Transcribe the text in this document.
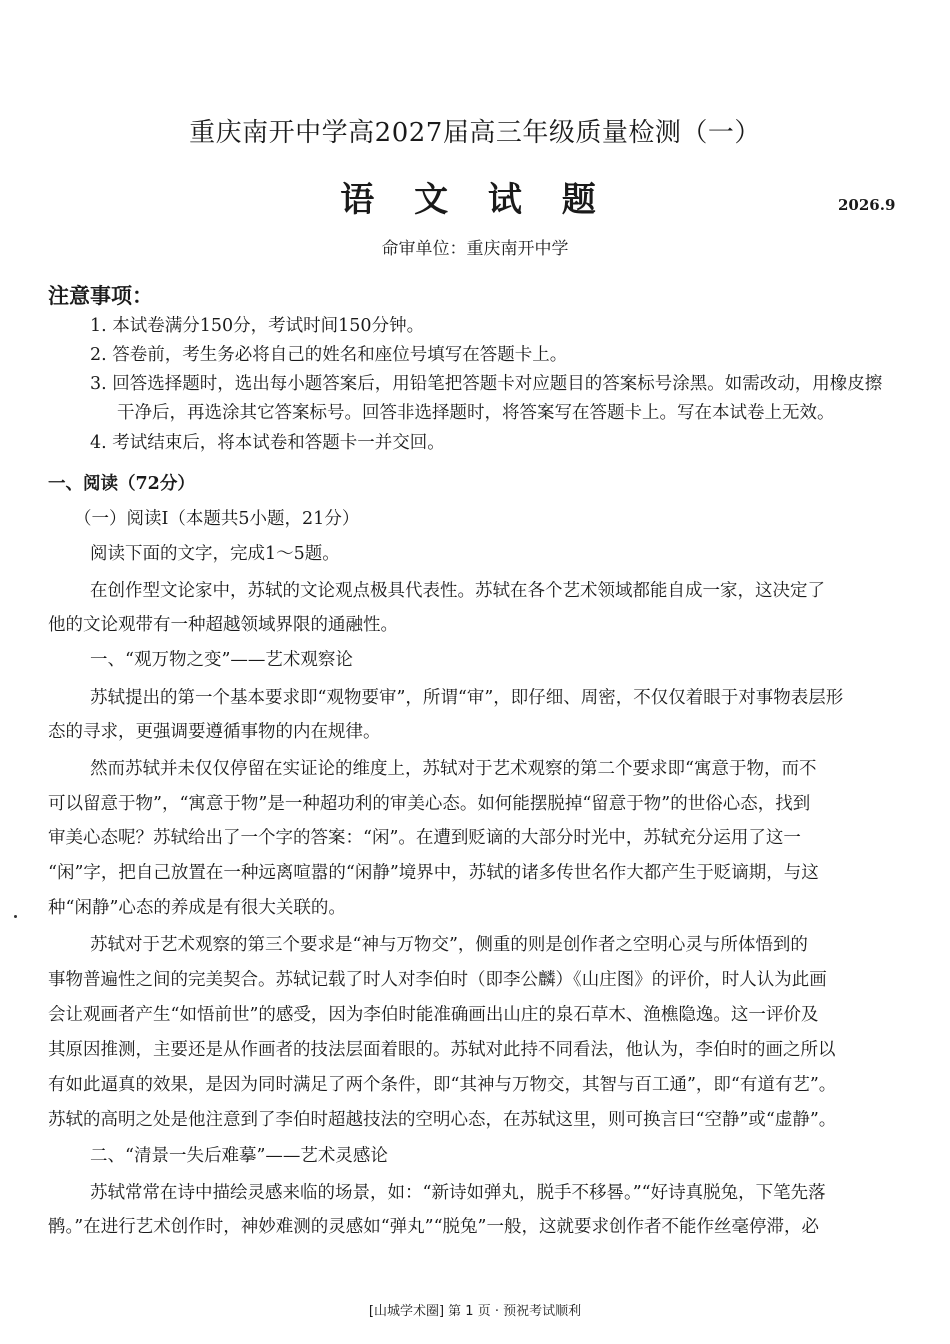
重庆南开中学高2027届高三年级质量检测（一）
语 文 试 题	2026.9
命审单位：重庆南开中学
注意事项：
1. 本试卷满分150分，考试时间150分钟。
2. 答卷前，考生务必将自己的姓名和座位号填写在答题卡上。
3. 回答选择题时，选出每小题答案后，用铅笔把答题卡对应题目的答案标号涂黑。如需改动，用橡皮擦
干净后，再选涂其它答案标号。回答非选择题时，将答案写在答题卡上。写在本试卷上无效。
4. 考试结束后，将本试卷和答题卡一并交回。
一、阅读（72分）
（一）阅读Ⅰ（本题共5小题，21分）
阅读下面的文字，完成1～5题。
在创作型文论家中，苏轼的文论观点极具代表性。苏轼在各个艺术领域都能自成一家，这决定了
他的文论观带有一种超越领域界限的通融性。
一、“观万物之变”——艺术观察论
苏轼提出的第一个基本要求即“观物要审”，所谓“审”，即仔细、周密，不仅仅着眼于对事物表层形
态的寻求，更强调要遵循事物的内在规律。
然而苏轼并未仅仅停留在实证论的维度上，苏轼对于艺术观察的第二个要求即“寓意于物，而不
可以留意于物”，“寓意于物”是一种超功利的审美心态。如何能摆脱掉“留意于物”的世俗心态，找到
审美心态呢？苏轼给出了一个字的答案：“闲”。在遭到贬谪的大部分时光中，苏轼充分运用了这一
“闲”字，把自己放置在一种远离喧嚣的“闲静”境界中，苏轼的诸多传世名作大都产生于贬谪期，与这
种“闲静”心态的养成是有很大关联的。
苏轼对于艺术观察的第三个要求是“神与万物交”，侧重的则是创作者之空明心灵与所体悟到的
事物普遍性之间的完美契合。苏轼记载了时人对李伯时（即李公麟）《山庄图》的评价，时人认为此画
会让观画者产生“如悟前世”的感受，因为李伯时能准确画出山庄的泉石草木、渔樵隐逸。这一评价及
其原因推测，主要还是从作画者的技法层面着眼的。苏轼对此持不同看法，他认为，李伯时的画之所以
有如此逼真的效果，是因为同时满足了两个条件，即“其神与万物交，其智与百工通”，即“有道有艺”。
苏轼的高明之处是他注意到了李伯时超越技法的空明心态，在苏轼这里，则可换言曰“空静”或“虚静”。
二、“清景一失后难摹”——艺术灵感论
苏轼常常在诗中描绘灵感来临的场景，如：“新诗如弹丸，脱手不移晷。”“好诗真脱兔，下笔先落
鹘。”在进行艺术创作时，神妙难测的灵感如“弹丸”“脱兔”一般，这就要求创作者不能作丝毫停滞，必
[山城学术圈] 第 1 页 · 预祝考试顺利
